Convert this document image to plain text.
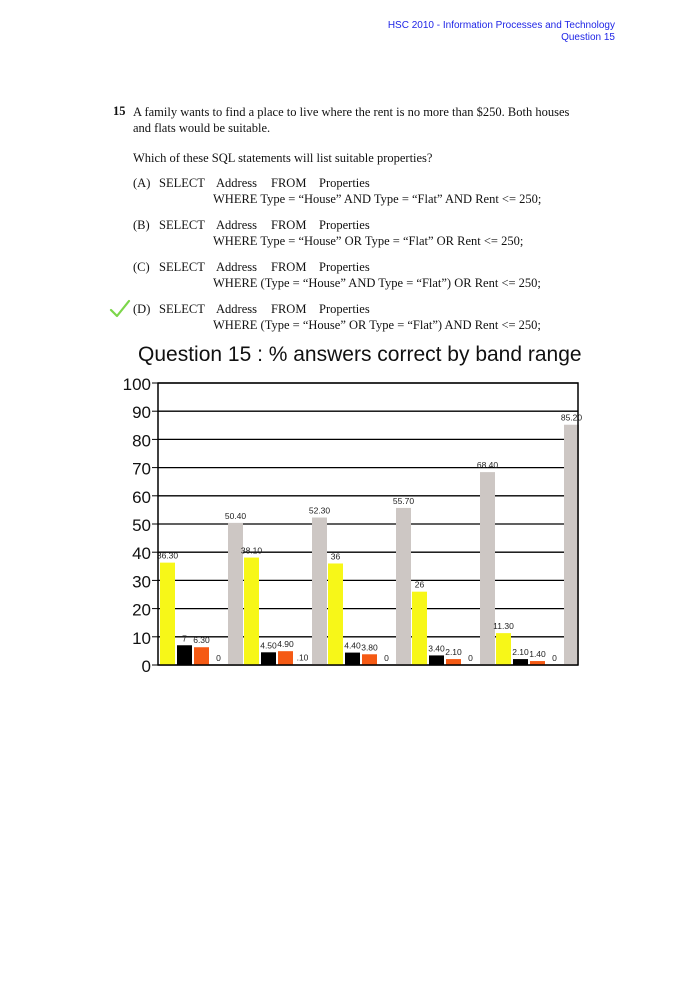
HSC 2010 - Information Processes and Technology
Question 15
15 A family wants to find a place to live where the rent is no more than $250. Both houses and flats would be suitable.
Which of these SQL statements will list suitable properties?
(A) SELECT Address FROM Properties
WHERE Type = “House” AND Type = “Flat” AND Rent <= 250;
(B) SELECT Address FROM Properties
WHERE Type = “House” OR Type = “Flat” OR Rent <= 250;
(C) SELECT Address FROM Properties
WHERE (Type = “House” AND Type = “Flat”) OR Rent <= 250;
(D) SELECT Address FROM Properties
WHERE (Type = “House” OR Type = “Flat”) AND Rent <= 250;
Question 15 : % answers correct by band range
100
90
80
70
60
50
40
30
20
10
0
36.30
38.10
36
26
11.30
7
4.50	4.40	3.40	2.10
6.30	4.90	3.80	2.10	1.40
0	.10	0	0	0
50.40
52.30
55.70
68.40
85.20
